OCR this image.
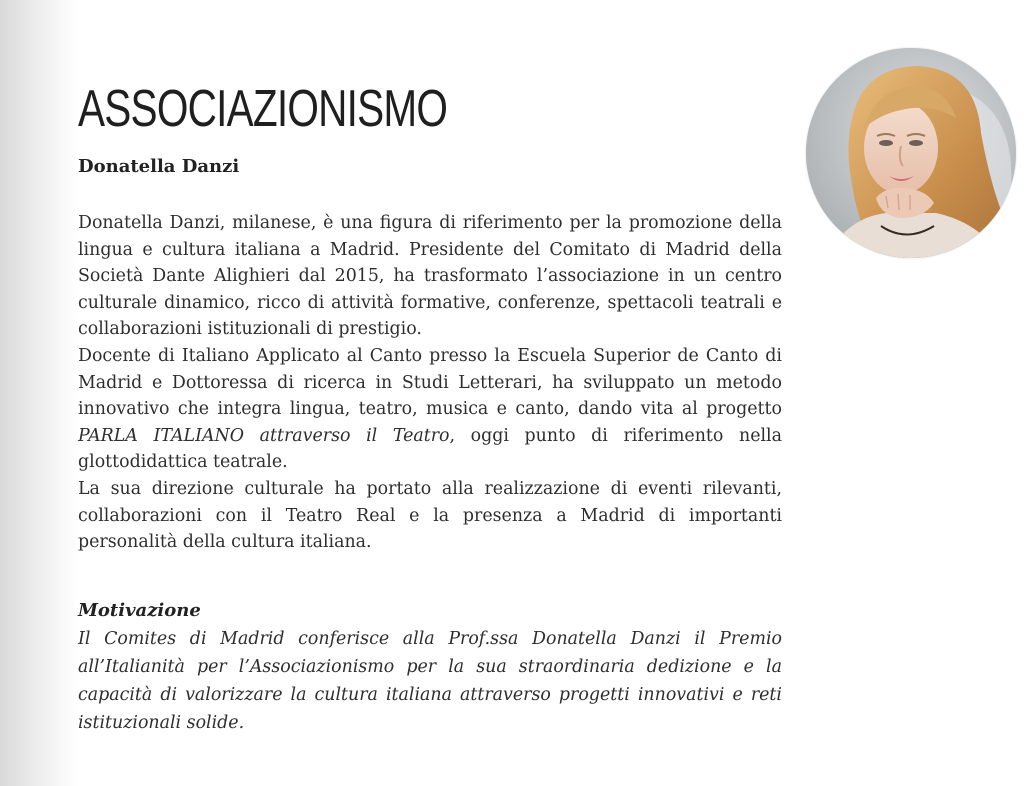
ASSOCIAZIONISMO
Donatella Danzi

Donatella Danzi, milanese, è una figura di riferimento per la promozione della lingua e cultura italiana a Madrid. Presidente del Comitato di Madrid della Società Dante Alighieri dal 2015, ha trasformato l’associazione in un centro culturale dinamico, ricco di attività formative, conferenze, spettacoli teatrali e collaborazioni istituzionali di prestigio.

Docente di Italiano Applicato al Canto presso la Escuela Superior de Canto di Madrid e Dottoressa di ricerca in Studi Letterari, ha sviluppato un metodo innovativo che integra lingua, teatro, musica e canto, dando vita al progetto PARLA ITALIANO attraverso il Teatro, oggi punto di riferimento nella glottodidattica teatrale.

La sua direzione culturale ha portato alla realizzazione di eventi rilevanti, collaborazioni con il Teatro Real e la presenza a Madrid di importanti personalità della cultura italiana.

Motivazione

Il Comites di Madrid conferisce alla Prof.ssa Donatella Danzi il Premio all’Italianità per l’Associazionismo per la sua straordinaria dedizione e la capacità di valorizzare la cultura italiana attraverso progetti innovativi e reti istituzionali solide.
